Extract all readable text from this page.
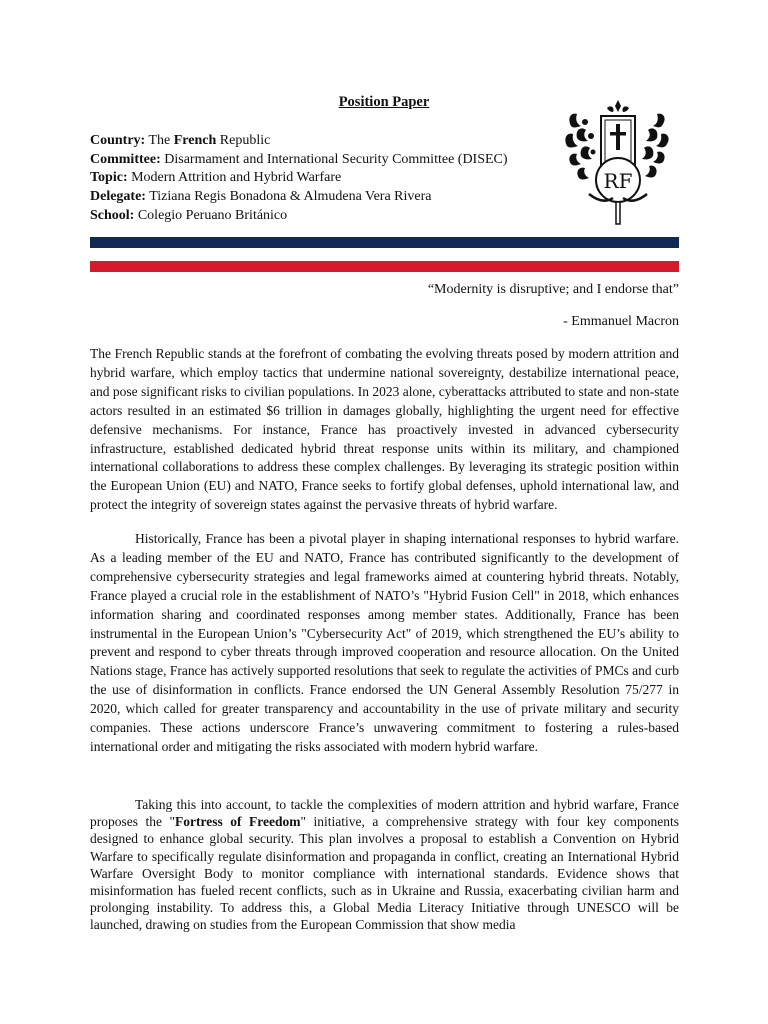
Position Paper
Country: The French Republic
Committee: Disarmament and International Security Committee (DISEC)
Topic: Modern Attrition and Hybrid Warfare
Delegate: Tiziana Regis Bonadona & Almudena Vera Rivera
School: Colegio Peruano Británico
RF
“Modernity is disruptive; and I endorse that”
- Emmanuel Macron

The French Republic stands at the forefront of combating the evolving threats posed by modern attrition and hybrid warfare, which employ tactics that undermine national sovereignty, destabilize international peace, and pose significant risks to civilian populations. In 2023 alone, cyberattacks attributed to state and non-state actors resulted in an estimated $6 trillion in damages globally, highlighting the urgent need for effective defensive mechanisms. For instance, France has proactively invested in advanced cybersecurity infrastructure, established dedicated hybrid threat response units within its military, and championed international collaborations to address these complex challenges. By leveraging its strategic position within the European Union (EU) and NATO, France seeks to fortify global defenses, uphold international law, and protect the integrity of sovereign states against the pervasive threats of hybrid warfare.

Historically, France has been a pivotal player in shaping international responses to hybrid warfare. As a leading member of the EU and NATO, France has contributed significantly to the development of comprehensive cybersecurity strategies and legal frameworks aimed at countering hybrid threats. Notably, France played a crucial role in the establishment of NATO’s "Hybrid Fusion Cell" in 2018, which enhances information sharing and coordinated responses among member states. Additionally, France has been instrumental in the European Union’s "Cybersecurity Act" of 2019, which strengthened the EU’s ability to prevent and respond to cyber threats through improved cooperation and resource allocation. On the United Nations stage, France has actively supported resolutions that seek to regulate the activities of PMCs and curb the use of disinformation in conflicts. France endorsed the UN General Assembly Resolution 75/277 in 2020, which called for greater transparency and accountability in the use of private military and security companies. These actions underscore France’s unwavering commitment to fostering a rules-based international order and mitigating the risks associated with modern hybrid warfare.

Taking this into account, to tackle the complexities of modern attrition and hybrid warfare, France proposes the "Fortress of Freedom" initiative, a comprehensive strategy with four key components designed to enhance global security. This plan involves a proposal to establish a Convention on Hybrid Warfare to specifically regulate disinformation and propaganda in conflict, creating an International Hybrid Warfare Oversight Body to monitor compliance with international standards. Evidence shows that misinformation has fueled recent conflicts, such as in Ukraine and Russia, exacerbating civilian harm and prolonging instability. To address this, a Global Media Literacy Initiative through UNESCO will be launched, drawing on studies from the European Commission that show media
